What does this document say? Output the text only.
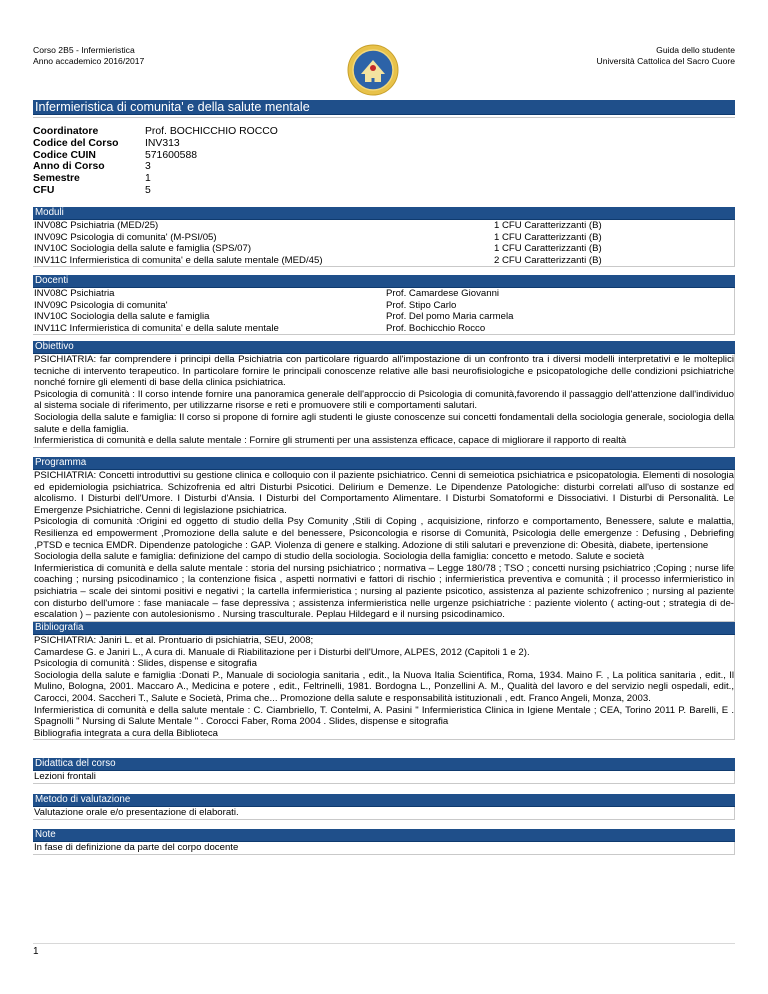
Corso 2B5 - Infermieristica
Anno accademico 2016/2017
Guida dello studente
Università Cattolica del Sacro Cuore
Infermieristica di comunita' e della salute mentale
Coordinatore	Prof. BOCHICCHIO ROCCO
Codice del Corso	INV313
Codice CUIN	571600588
Anno di Corso	3
Semestre	1
CFU	5
Moduli
INV08C Psichiatria (MED/25)	1 CFU Caratterizzanti (B)
INV09C Psicologia di comunita' (M-PSI/05)	1 CFU Caratterizzanti (B)
INV10C Sociologia della salute e famiglia (SPS/07)	1 CFU Caratterizzanti (B)
INV11C Infermieristica di comunita' e della salute mentale (MED/45)	2 CFU Caratterizzanti (B)
Docenti
INV08C Psichiatria	Prof. Camardese Giovanni
INV09C Psicologia di comunita'	Prof. Stipo Carlo
INV10C Sociologia della salute e famiglia	Prof. Del pomo Maria carmela
INV11C Infermieristica di comunita' e della salute mentale	Prof. Bochicchio Rocco
Obiettivo

PSICHIATRIA: far comprendere i principi della Psichiatria con particolare riguardo all'impostazione di un confronto tra i diversi modelli interpretativi e le molteplici tecniche di intervento terapeutico. In particolare fornire le principali conoscenze relative alle basi neurofisiologiche e psicopatologiche delle condizioni psichiatriche nonché fornire gli elementi di base della clinica psichiatrica.

Psicologia di comunità : Il corso intende fornire una panoramica generale dell'approccio di Psicologia di comunità,favorendo il passaggio dell'attenzione dall'individuo al sistema sociale di riferimento, per utilizzarne risorse e reti e promuovere stili e comportamenti salutari.

Sociologia della salute e famiglia: Il corso si propone di fornire agli studenti le giuste conoscenze sui concetti fondamentali della sociologia generale, sociologia della salute e della famiglia.

Infermieristica di comunità e della salute mentale : Fornire gli strumenti per una assistenza efficace, capace di migliorare il rapporto di realtà

Programma

PSICHIATRIA: Concetti introduttivi su gestione clinica e colloquio con il paziente psichiatrico. Cenni di semeiotica psichiatrica e psicopatologia. Elementi di nosologia ed epidemiologia psichiatrica. Schizofrenia ed altri Disturbi Psicotici. Delirium e Demenze. Le Dipendenze Patologiche: disturbi correlati all'uso di sostanze ed alcolismo. I Disturbi dell'Umore. I Disturbi d'Ansia. I Disturbi del Comportamento Alimentare. I Disturbi Somatoformi e Dissociativi. I Disturbi di Personalità. Le Emergenze Psichiatriche. Cenni di legislazione psichiatrica.

Psicologia di comunità :Origini ed oggetto di studio della Psy Comunity ,Stili di Coping , acquisizione, rinforzo e comportamento, Benessere, salute e malattia, Resilienza ed empowerment ,Promozione della salute e del benessere, Psiconcologia e risorse di Comunità, Psicologia delle emergenze : Defusing , Debriefing ,PTSD e tecnica EMDR. Dipendenze patologiche : GAP. Violenza di genere e stalking. Adozione di stili salutari e prevenzione di: Obesità, diabete, ipertensione

Sociologia della salute e famiglia: definizione del campo di studio della sociologia. Sociologia della famiglia: concetto e metodo. Salute e società

Infermieristica di comunità e della salute mentale : storia del nursing psichiatrico ; normativa – Legge 180/78 ; TSO ; concetti nursing psichiatrico ;Coping ; nurse life coaching ; nursing psicodinamico ; la contenzione fisica , aspetti normativi e fattori di rischio ; infermieristica preventiva e comunità ; il processo infermieristico in psichiatria – scale dei sintomi positivi e negativi ; la cartella infermieristica ; nursing al paziente psicotico, assistenza al paziente schizofrenico ; nursing al paziente con disturbo dell'umore : fase maniacale – fase depressiva ; assistenza infermieristica nelle urgenze psichiatriche : paziente violento ( acting-out ; strategia di de-escalation ) – paziente con autolesionismo . Nursing trasculturale. Peplau Hildegard e il nursing psicodinamico.

Bibliografia

PSICHIATRIA: Janiri L. et al. Prontuario di psichiatria, SEU, 2008;

Camardese G. e Janiri L., A cura di. Manuale di Riabilitazione per i Disturbi dell'Umore, ALPES, 2012 (Capitoli 1 e 2).

Psicologia di comunità : Slides, dispense e sitografia

Sociologia della salute e famiglia :Donati P., Manuale di sociologia sanitaria , edit., la Nuova Italia Scientifica, Roma, 1934. Maino F. , La politica sanitaria , edit., Il Mulino, Bologna, 2001. Maccaro A., Medicina e potere , edit., Feltrinelli, 1981. Bordogna L., Ponzellini A. M., Qualità del lavoro e del servizio negli ospedali, edit., Carocci, 2004. Saccheri T., Salute e Società, Prima che... Promozione della salute e responsabilità istituzionali , edt. Franco Angeli, Monza, 2003.

Infermieristica di comunità e della salute mentale : C. Ciambriello, T. Contelmi, A. Pasini " Infermieristica Clinica in Igiene Mentale ; CEA, Torino 2011 P. Barelli, E . Spagnolli " Nursing di Salute Mentale " . Corocci Faber, Roma 2004 . Slides, dispense e sitografia

Bibliografia integrata a cura della Biblioteca

Didattica del corso
Lezioni frontali
Metodo di valutazione
Valutazione orale e/o presentazione di elaborati.
Note
In fase di definizione da parte del corpo docente
1
